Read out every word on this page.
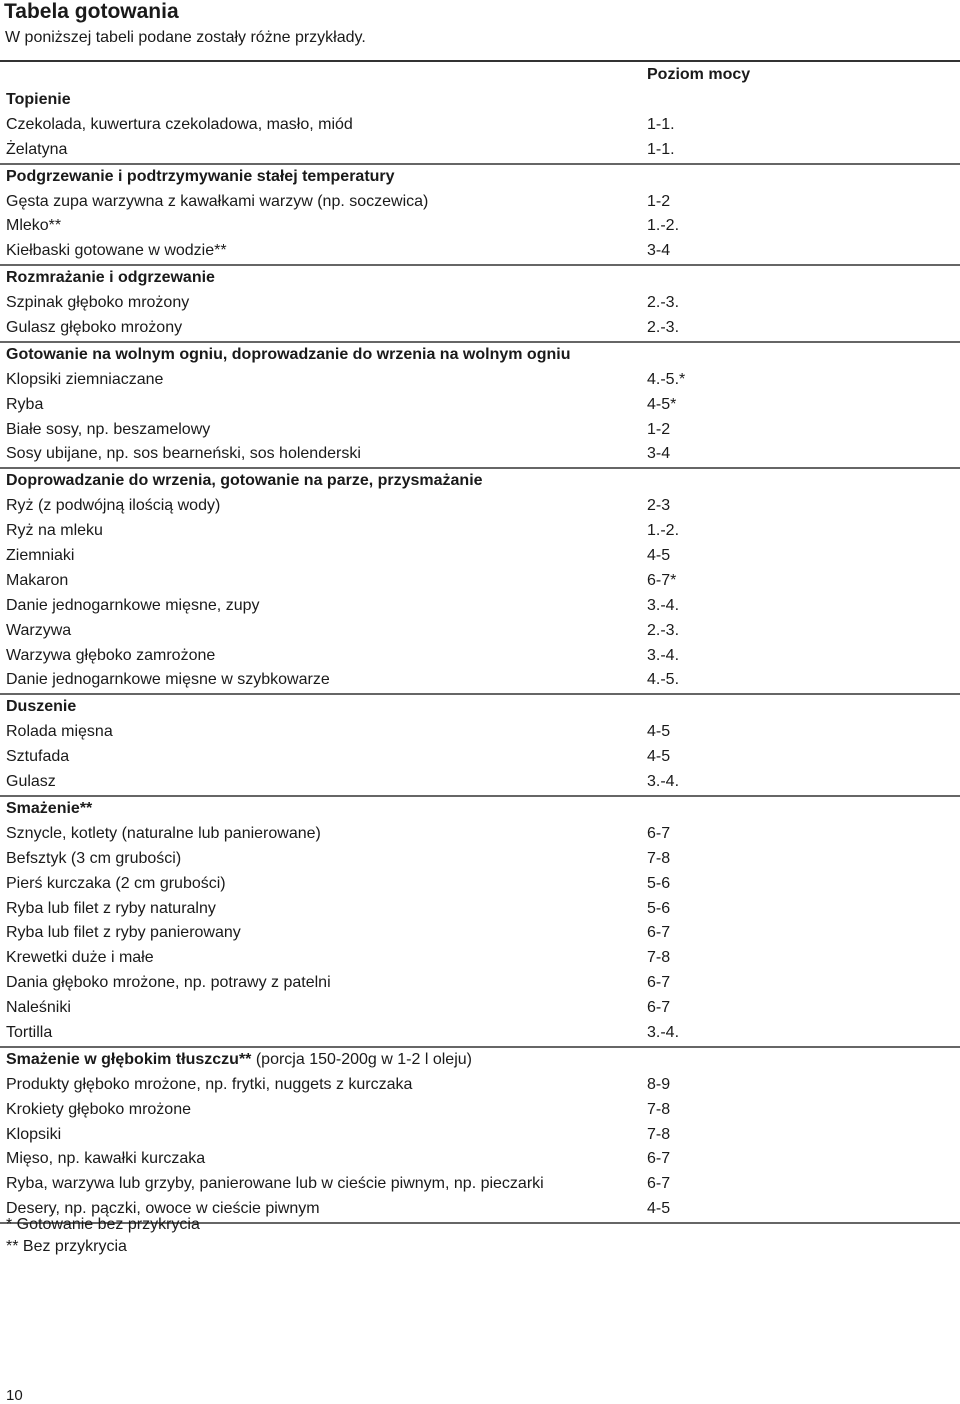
Tabela gotowania
W poniższej tabeli podane zostały różne przykłady.
Poziom mocy
Topienie
Czekolada, kuwertura czekoladowa, masło, miód	1-1.
Żelatyna	1-1.
Podgrzewanie i podtrzymywanie stałej temperatury
Gęsta zupa warzywna z kawałkami warzyw (np. soczewica)	1-2
Mleko**	1.-2.
Kiełbaski gotowane w wodzie**	3-4
Rozmrażanie i odgrzewanie
Szpinak głęboko mrożony	2.-3.
Gulasz głęboko mrożony	2.-3.
Gotowanie na wolnym ogniu, doprowadzanie do wrzenia na wolnym ogniu
Klopsiki ziemniaczane	4.-5.*
Ryba	4-5*
Białe sosy, np. beszamelowy	1-2
Sosy ubijane, np. sos bearneński, sos holenderski	3-4
Doprowadzanie do wrzenia, gotowanie na parze, przysmażanie
Ryż (z podwójną ilością wody)	2-3
Ryż na mleku	1.-2.
Ziemniaki	4-5
Makaron	6-7*
Danie jednogarnkowe mięsne, zupy	3.-4.
Warzywa	2.-3.
Warzywa głęboko zamrożone	3.-4.
Danie jednogarnkowe mięsne w szybkowarze	4.-5.
Duszenie
Rolada mięsna	4-5
Sztufada	4-5
Gulasz	3.-4.
Smażenie**
Sznycle, kotlety (naturalne lub panierowane)	6-7
Befsztyk (3 cm grubości)	7-8
Pierś kurczaka (2 cm grubości)	5-6
Ryba lub filet z ryby naturalny	5-6
Ryba lub filet z ryby panierowany	6-7
Krewetki duże i małe	7-8
Dania głęboko mrożone, np. potrawy z patelni	6-7
Naleśniki	6-7
Tortilla	3.-4.
Smażenie w głębokim tłuszczu** (porcja 150-200g w 1-2 l oleju)
Produkty głęboko mrożone, np. frytki, nuggets z kurczaka	8-9
Krokiety głęboko mrożone	7-8
Klopsiki	7-8
Mięso, np. kawałki kurczaka	6-7
Ryba, warzywa lub grzyby, panierowane lub w cieście piwnym, np. pieczarki	6-7
Desery, np. pączki, owoce w cieście piwnym	4-5
* Gotowanie bez przykrycia
** Bez przykrycia
10
